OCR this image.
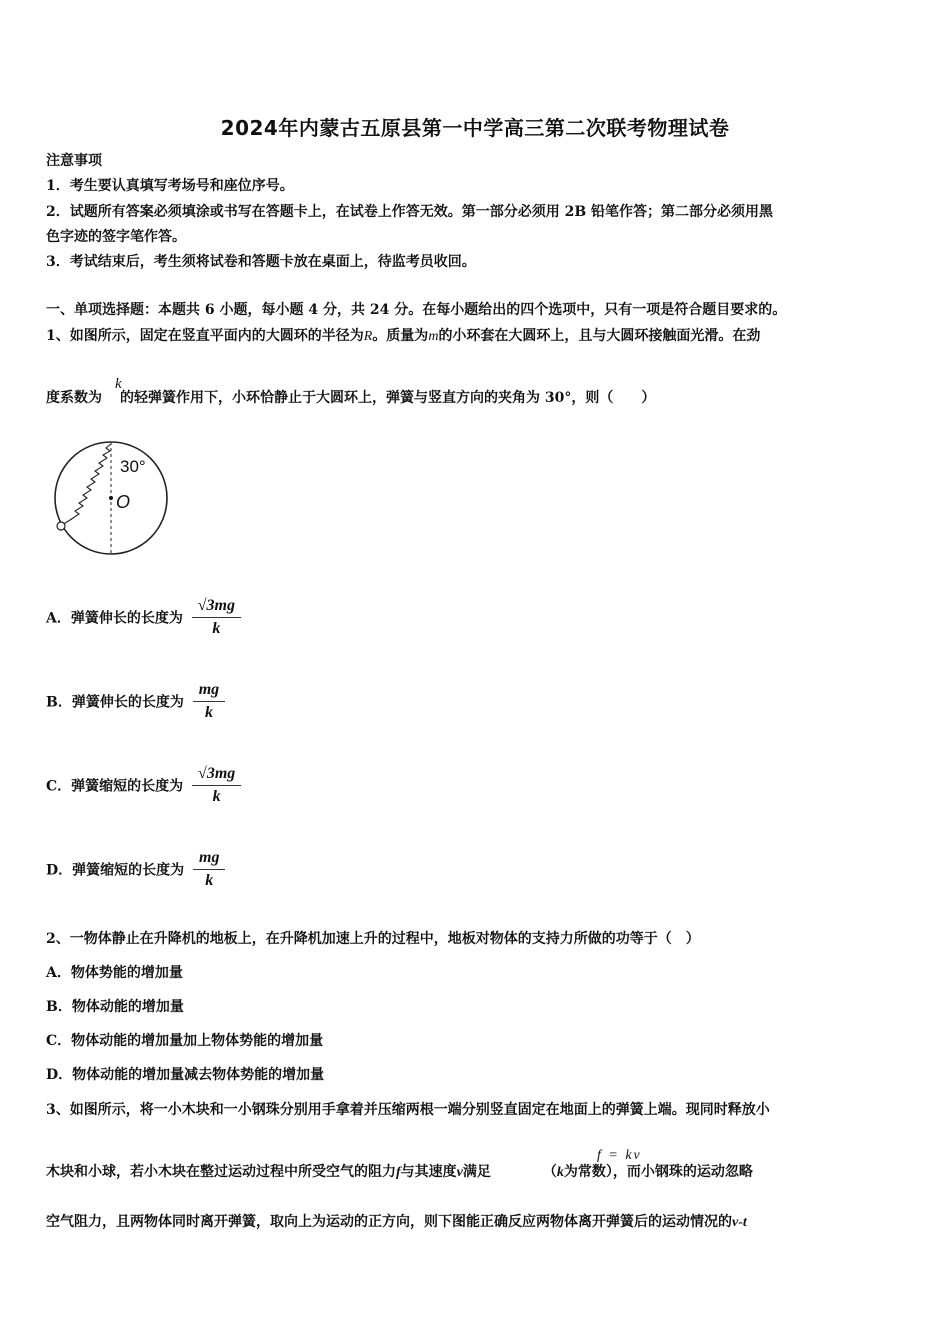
2024年内蒙古五原县第一中学高三第二次联考物理试卷
注意事项
1．考生要认真填写考场号和座位序号。
2．试题所有答案必须填涂或书写在答题卡上，在试卷上作答无效。第一部分必须用 2B 铅笔作答；第二部分必须用黑
色字迹的签字笔作答。
3．考试结束后，考生须将试卷和答题卡放在桌面上，待监考员收回。
一、单项选择题：本题共 6 小题，每小题 4 分，共 24 分。在每小题给出的四个选项中，只有一项是符合题目要求的。
1、如图所示，固定在竖直平面内的大圆环的半径为R。质量为m的小环套在大圆环上，且与大圆环接触面光滑。在劲
k
度系数为 的轻弹簧作用下，小环恰静止于大圆环上，弹簧与竖直方向的夹角为 30°，则（　　）
30°
O
A．弹簧伸长的长度为 $\frac{√3mg}{k}$
B．弹簧伸长的长度为 $\frac{mg}{k}$
C．弹簧缩短的长度为 $\frac{√3mg}{k}$
D．弹簧缩短的长度为 $\frac{mg}{k}$
2、一物体静止在升降机的地板上，在升降机加速上升的过程中，地板对物体的支持力所做的功等于（　）
A．物体势能的增加量
B．物体动能的增加量
C．物体动能的增加量加上物体势能的增加量
D．物体动能的增加量减去物体势能的增加量
3、如图所示，将一小木块和一小钢珠分别用手拿着并压缩两根一端分别竖直固定在地面上的弹簧上端。现同时释放小
f = kv
木块和小球，若小木块在整过运动过程中所受空气的阻力f与其速度v满足	（k为常数），而小钢珠的运动忽略
空气阻力，且两物体同时离开弹簧，取向上为运动的正方向，则下图能正确反应两物体离开弹簧后的运动情况的v-t
